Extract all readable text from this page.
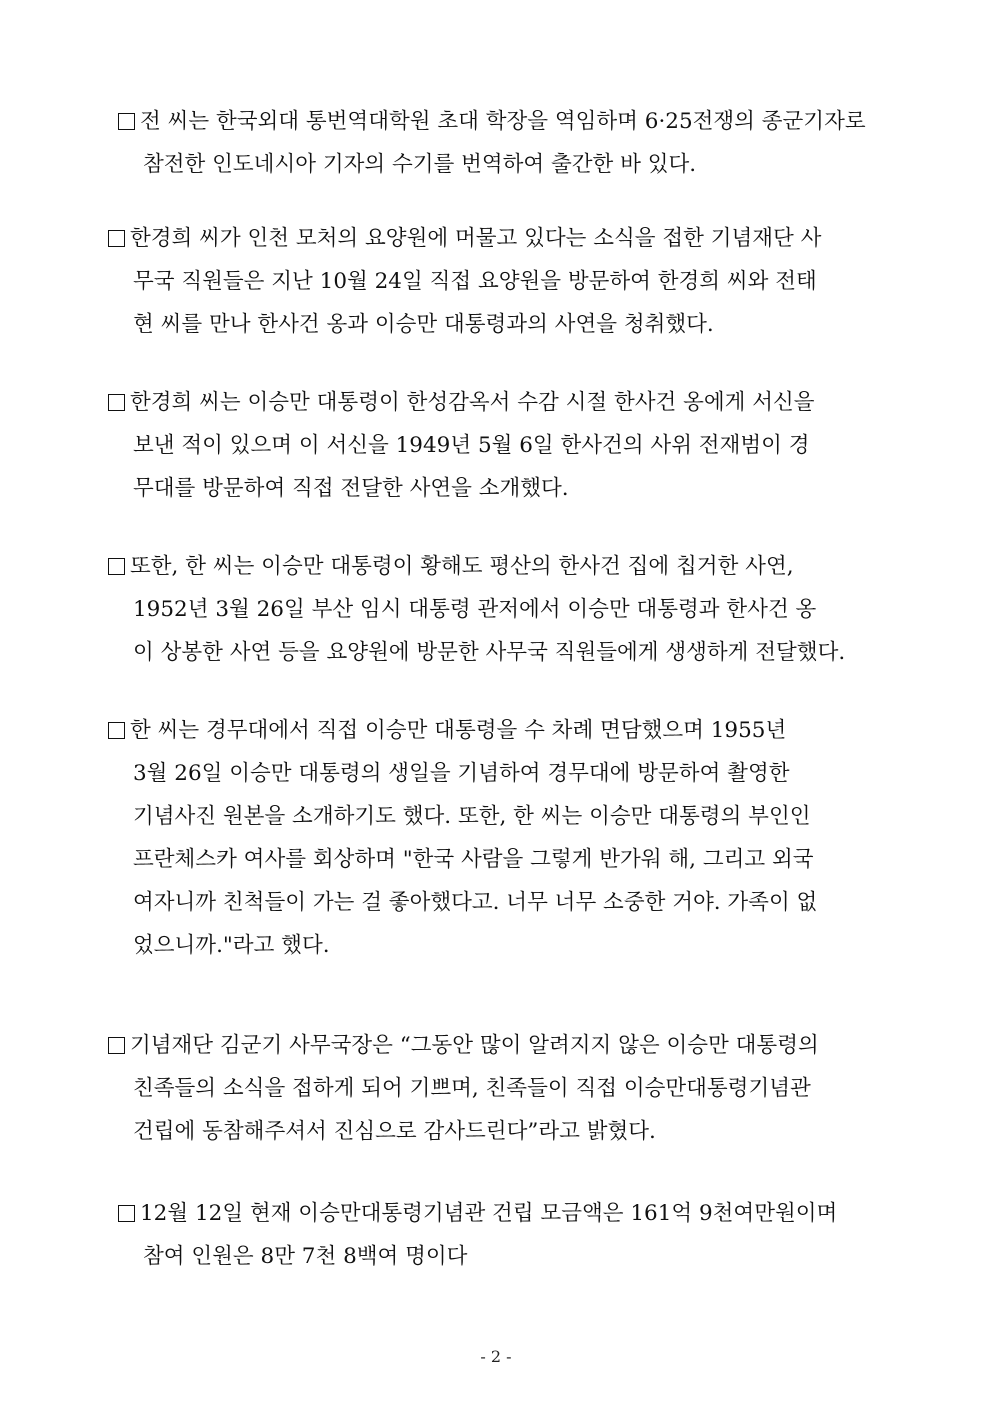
전 씨는 한국외대 통번역대학원 초대 학장을 역임하며 6·25전쟁의 종군기자로
참전한 인도네시아 기자의 수기를 번역하여 출간한 바 있다.
한경희 씨가 인천 모처의 요양원에 머물고 있다는 소식을 접한 기념재단 사
무국 직원들은 지난 10월 24일 직접 요양원을 방문하여 한경희 씨와 전태
현 씨를 만나 한사건 옹과 이승만 대통령과의 사연을 청취했다.
한경희 씨는 이승만 대통령이 한성감옥서 수감 시절 한사건 옹에게 서신을
보낸 적이 있으며 이 서신을 1949년 5월 6일 한사건의 사위 전재범이 경
무대를 방문하여 직접 전달한 사연을 소개했다.
또한, 한 씨는 이승만 대통령이 황해도 평산의 한사건 집에 칩거한 사연,
1952년 3월 26일 부산 임시 대통령 관저에서 이승만 대통령과 한사건 옹
이 상봉한 사연 등을 요양원에 방문한 사무국 직원들에게 생생하게 전달했다.
한 씨는 경무대에서 직접 이승만 대통령을 수 차례 면담했으며 1955년
3월 26일 이승만 대통령의 생일을 기념하여 경무대에 방문하여 촬영한
기념사진 원본을 소개하기도 했다. 또한, 한 씨는 이승만 대통령의 부인인
프란체스카 여사를 회상하며 "한국 사람을 그렇게 반가워 해, 그리고 외국
여자니까 친척들이 가는 걸 좋아했다고. 너무 너무 소중한 거야. 가족이 없
었으니까."라고 했다.
기념재단 김군기 사무국장은 “그동안 많이 알려지지 않은 이승만 대통령의
친족들의 소식을 접하게 되어 기쁘며, 친족들이 직접 이승만대통령기념관
건립에 동참해주셔서 진심으로 감사드린다”라고 밝혔다.
12월 12일 현재 이승만대통령기념관 건립 모금액은 161억 9천여만원이며
참여 인원은 8만 7천 8백여 명이다
- 2 -
